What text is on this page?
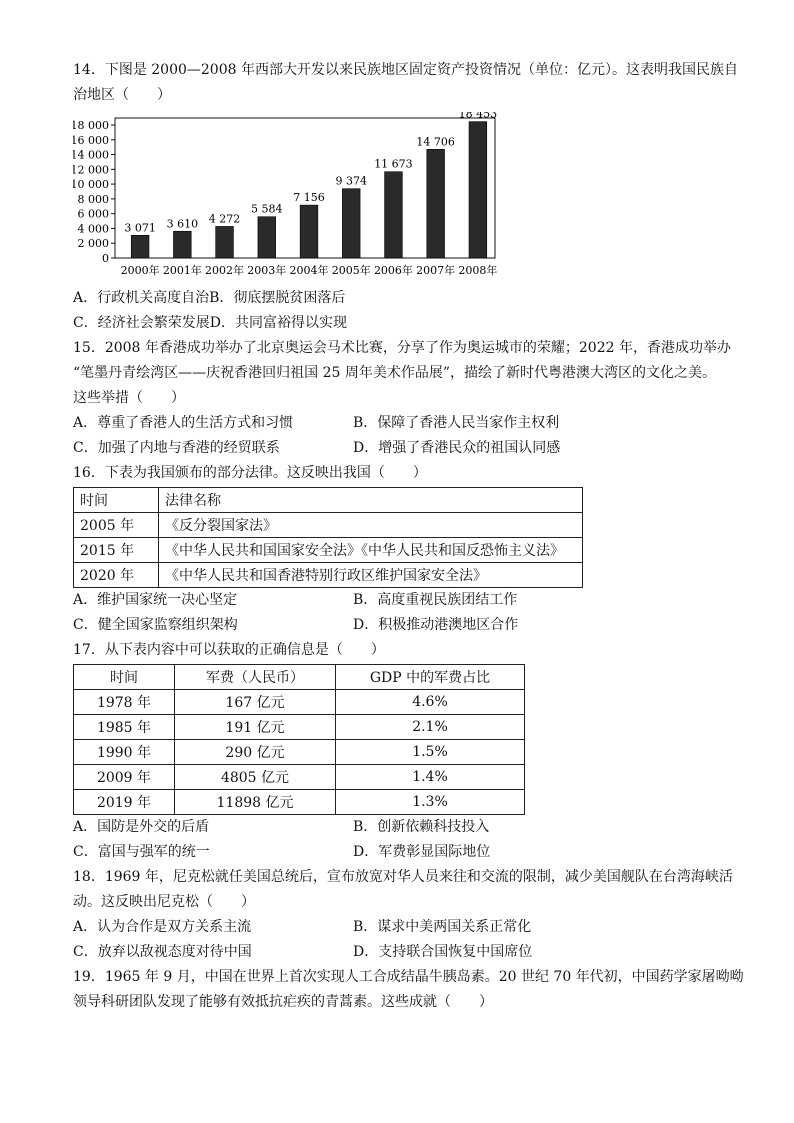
14．下图是 2000—2008 年西部大开发以来民族地区固定资产投资情况（单位：亿元）。这表明我国民族自
治地区（　　）
0
2 000
4 000
6 000
8 000
10 000
12 000
14 000
16 000
18 000
3 071
2000年
3 610
2001年
4 272
2002年
5 584
2003年
7 156
2004年
9 374
2005年
11 673
2006年
14 706
2007年
18 453
2008年
A．行政机关高度自治B．彻底摆脱贫困落后
C．经济社会繁荣发展D．共同富裕得以实现
15．2008 年香港成功举办了北京奥运会马术比赛，分享了作为奥运城市的荣耀；2022 年，香港成功举办
“笔墨丹青绘湾区——庆祝香港回归祖国 25 周年美术作品展”，描绘了新时代粤港澳大湾区的文化之美。
这些举措（　　）
A．尊重了香港人的生活方式和习惯	B．保障了香港人民当家作主权利
C．加强了内地与香港的经贸联系	D．增强了香港民众的祖国认同感
16．下表为我国颁布的部分法律。这反映出我国（　　）
时间	法律名称
2005 年	《反分裂国家法》
2015 年	《中华人民共和国国家安全法》《中华人民共和国反恐怖主义法》
2020 年	《中华人民共和国香港特别行政区维护国家安全法》
A．维护国家统一决心坚定	B．高度重视民族团结工作
C．健全国家监察组织架构	D．积极推动港澳地区合作
17．从下表内容中可以获取的正确信息是（　　）
时间	军费（人民币）	GDP 中的军费占比
1978 年	167 亿元	4.6%
1985 年	191 亿元	2.1%
1990 年	290 亿元	1.5%
2009 年	4805 亿元	1.4%
2019 年	11898 亿元	1.3%
A．国防是外交的后盾	B．创新依赖科技投入
C．富国与强军的统一	D．军费彰显国际地位
18．1969 年，尼克松就任美国总统后，宣布放宽对华人员来往和交流的限制，减少美国舰队在台湾海峡活
动。这反映出尼克松（　　）
A．认为合作是双方关系主流	B．谋求中美两国关系正常化
C．放弃以敌视态度对待中国	D．支持联合国恢复中国席位
19．1965 年 9 月，中国在世界上首次实现人工合成结晶牛胰岛素。20 世纪 70 年代初，中国药学家屠呦呦
领导科研团队发现了能够有效抵抗疟疾的青蒿素。这些成就（　　）
